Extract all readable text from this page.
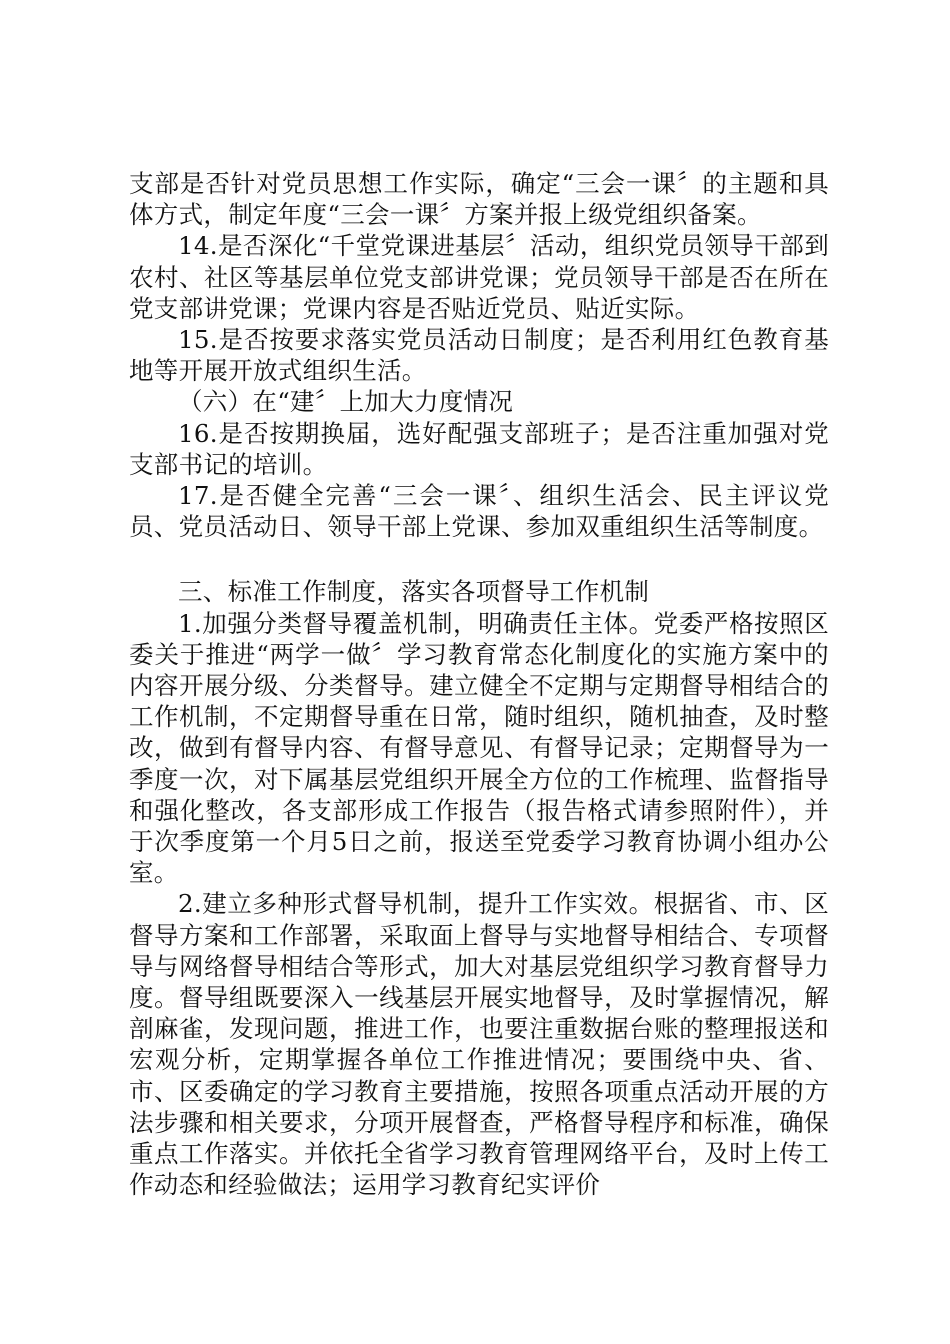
支部是否针对党员思想工作实际，确定“三会一课〞的主题和具体方式，制定年度“三会一课〞方案并报上级党组织备案。

14.是否深化“千堂党课进基层〞活动，组织党员领导干部到农村、社区等基层单位党支部讲党课；党员领导干部是否在所在党支部讲党课；党课内容是否贴近党员、贴近实际。

15.是否按要求落实党员活动日制度；是否利用红色教育基地等开展开放式组织生活。

（六）在“建〞上加大力度情况

16.是否按期换届，选好配强支部班子；是否注重加强对党支部书记的培训。

17.是否健全完善“三会一课〞、组织生活会、民主评议党员、党员活动日、领导干部上党课、参加双重组织生活等制度。

三、标准工作制度，落实各项督导工作机制

1.加强分类督导覆盖机制，明确责任主体。党委严格按照区委关于推进“两学一做〞学习教育常态化制度化的实施方案中的内容开展分级、分类督导。建立健全不定期与定期督导相结合的工作机制，不定期督导重在日常，随时组织，随机抽查，及时整改，做到有督导内容、有督导意见、有督导记录；定期督导为一季度一次，对下属基层党组织开展全方位的工作梳理、监督指导和强化整改，各支部形成工作报告（报告格式请参照附件），并于次季度第一个月5日之前，报送至党委学习教育协调小组办公室。

2.建立多种形式督导机制，提升工作实效。根据省、市、区督导方案和工作部署，采取面上督导与实地督导相结合、专项督导与网络督导相结合等形式，加大对基层党组织学习教育督导力度。督导组既要深入一线基层开展实地督导，及时掌握情况，解剖麻雀，发现问题，推进工作，也要注重数据台账的整理报送和宏观分析，定期掌握各单位工作推进情况；要围绕中央、省、市、区委确定的学习教育主要措施，按照各项重点活动开展的方法步骤和相关要求，分项开展督查，严格督导程序和标准，确保重点工作落实。并依托全省学习教育管理网络平台，及时上传工作动态和经验做法；运用学习教育纪实评价
